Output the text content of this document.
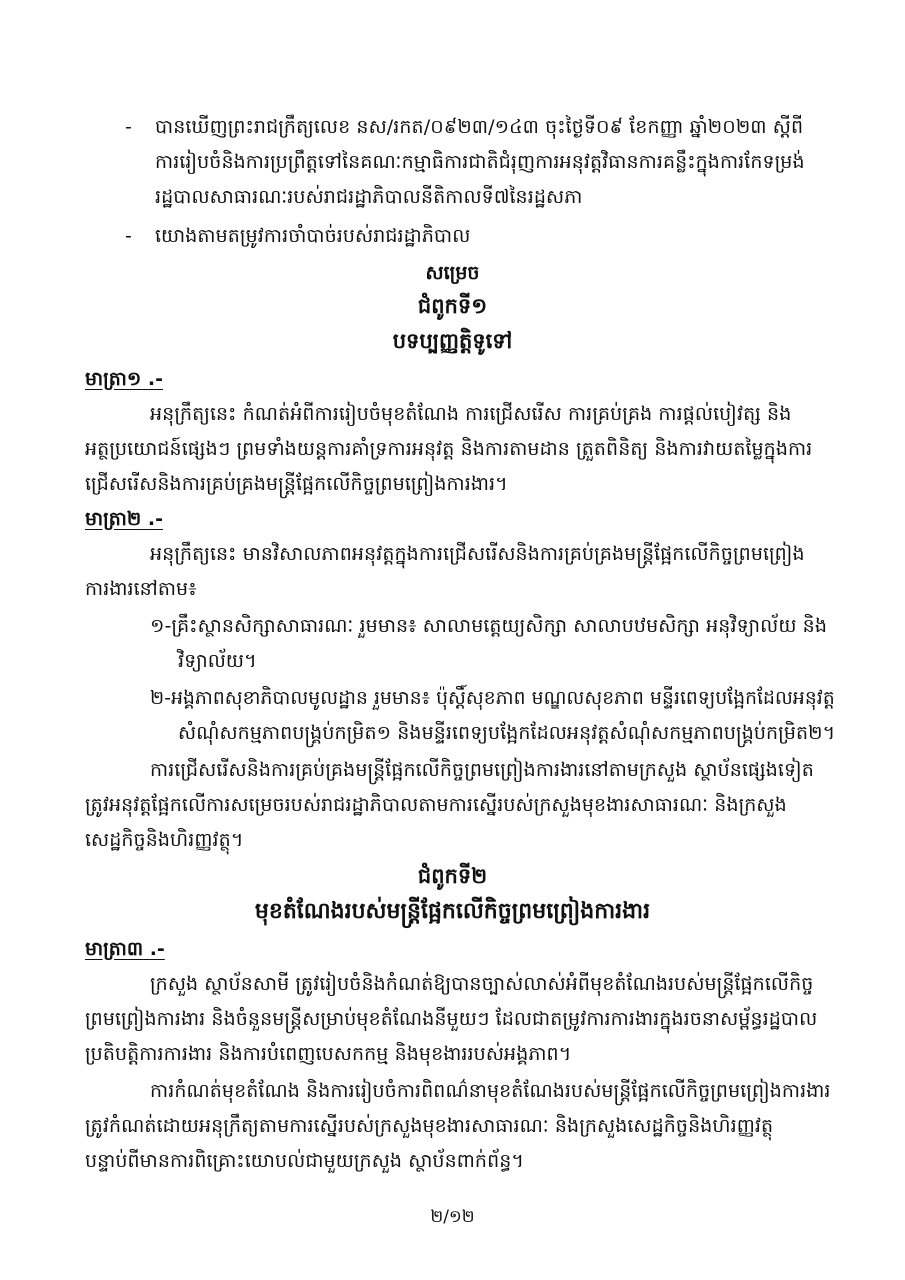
- បានឃើញព្រះរាជក្រឹត្យលេខ នស/រកត/០៩២៣/១៤៣ ចុះថ្ងៃទី០៩ ខែកញ្ញា ឆ្នាំ២០២៣ ស្តីពី
ការរៀបចំនិងការប្រព្រឹត្តទៅនៃគណៈកម្មាធិការជាតិជំរុញការអនុវត្តវិធានការគន្លឹះក្នុងការកែទម្រង់
រដ្ឋបាលសាធារណៈរបស់រាជរដ្ឋាភិបាលនីតិកាលទី៧នៃរដ្ឋសភា
- យោងតាមតម្រូវការចាំបាច់របស់រាជរដ្ឋាភិបាល
សម្រេច
ជំពូកទី១
បទប្បញ្ញត្តិទូទៅ
មាត្រា១ .-
អនុក្រឹត្យនេះ កំណត់អំពីការរៀបចំមុខតំណែង ការជ្រើសរើស ការគ្រប់គ្រង ការផ្តល់បៀវត្ស និង
អត្ថប្រយោជន៍ផ្សេងៗ ព្រមទាំងយន្តការគាំទ្រការអនុវត្ត និងការតាមដាន ត្រួតពិនិត្យ និងការវាយតម្លៃក្នុងការ
ជ្រើសរើសនិងការគ្រប់គ្រងមន្ត្រីផ្អែកលើកិច្ចព្រមព្រៀងការងារ។
មាត្រា២ .-
អនុក្រឹត្យនេះ មានវិសាលភាពអនុវត្តក្នុងការជ្រើសរើសនិងការគ្រប់គ្រងមន្ត្រីផ្អែកលើកិច្ចព្រមព្រៀង
ការងារនៅតាម៖
១-គ្រឹះស្ថានសិក្សាសាធារណៈ រួមមាន៖ សាលាមត្តេយ្យសិក្សា សាលាបឋមសិក្សា អនុវិទ្យាល័យ និង
វិទ្យាល័យ។
២-អង្គភាពសុខាភិបាលមូលដ្ឋាន រួមមាន៖ ប៉ុស្តិ៍សុខភាព មណ្ឌលសុខភាព មន្ទីរពេទ្យបង្អែកដែលអនុវត្ត
សំណុំសកម្មភាពបង្គ្រប់កម្រិត១ និងមន្ទីរពេទ្យបង្អែកដែលអនុវត្តសំណុំសកម្មភាពបង្គ្រប់កម្រិត២។
ការជ្រើសរើសនិងការគ្រប់គ្រងមន្ត្រីផ្អែកលើកិច្ចព្រមព្រៀងការងារនៅតាមក្រសួង ស្ថាប័នផ្សេងទៀត
ត្រូវអនុវត្តផ្អែកលើការសម្រេចរបស់រាជរដ្ឋាភិបាលតាមការស្នើរបស់ក្រសួងមុខងារសាធារណៈ និងក្រសួង
សេដ្ឋកិច្ចនិងហិរញ្ញវត្ថុ។
ជំពូកទី២
មុខតំណែងរបស់មន្ត្រីផ្អែកលើកិច្ចព្រមព្រៀងការងារ
មាត្រា៣ .-
ក្រសួង ស្ថាប័នសាមី ត្រូវរៀបចំនិងកំណត់ឱ្យបានច្បាស់លាស់អំពីមុខតំណែងរបស់មន្ត្រីផ្អែកលើកិច្ច
ព្រមព្រៀងការងារ និងចំនួនមន្ត្រីសម្រាប់មុខតំណែងនីមួយៗ ដែលជាតម្រូវការការងារក្នុងរចនាសម្ព័ន្ធរដ្ឋបាល
ប្រតិបត្តិការការងារ និងការបំពេញបេសកកម្ម និងមុខងាររបស់អង្គភាព។
ការកំណត់មុខតំណែង និងការរៀបចំការពិពណ៌នាមុខតំណែងរបស់មន្ត្រីផ្អែកលើកិច្ចព្រមព្រៀងការងារ
ត្រូវកំណត់ដោយអនុក្រឹត្យតាមការស្នើរបស់ក្រសួងមុខងារសាធារណៈ និងក្រសួងសេដ្ឋកិច្ចនិងហិរញ្ញវត្ថុ
បន្ទាប់ពីមានការពិគ្រោះយោបល់ជាមួយក្រសួង ស្ថាប័នពាក់ព័ន្ធ។
២/១២
